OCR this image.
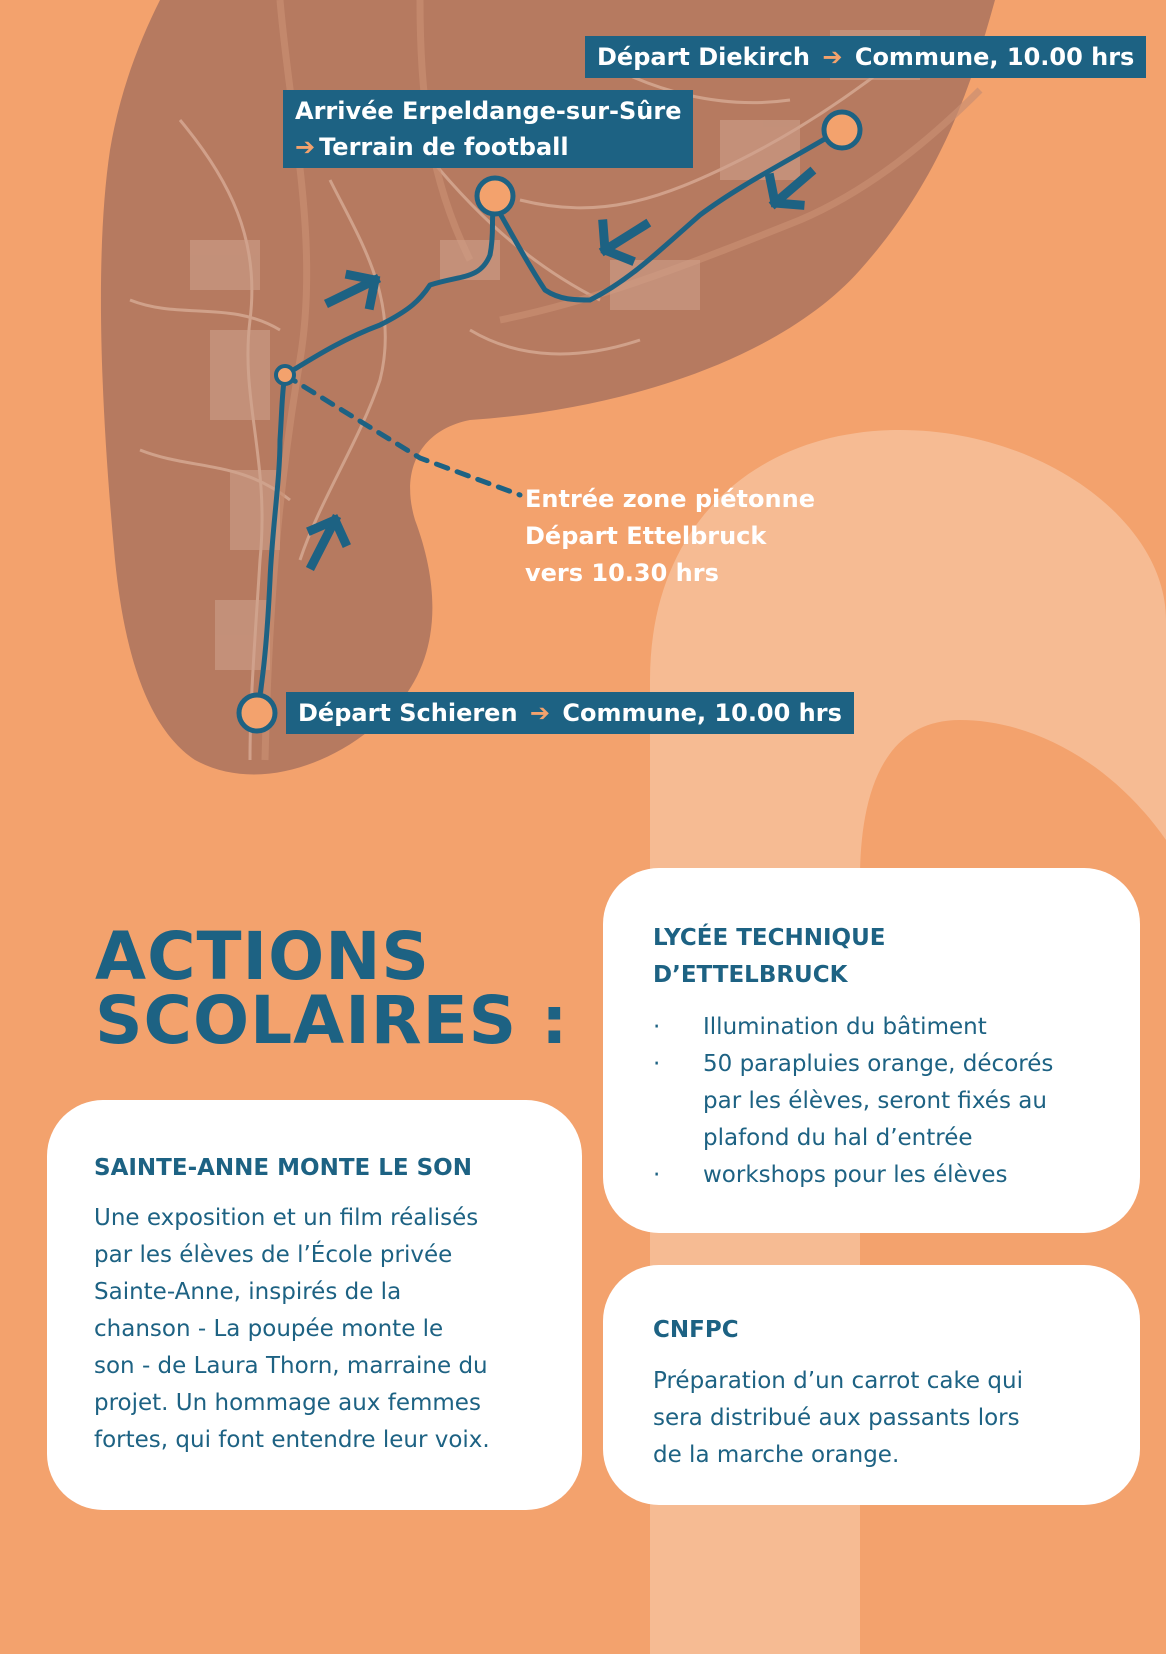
Départ Diekirch ➔ Commune, 10.00 hrs
Arrivée Erpeldange-sur-Sûre
➔ Terrain de football
Entrée zone piétonne
Départ Ettelbruck
vers 10.30 hrs
Départ Schieren ➔ Commune, 10.00 hrs
ACTIONS
SCOLAIRES :
SAINTE-ANNE MONTE LE SON

Une exposition et un film réalisés

par les élèves de l’École privée

Sainte-Anne, inspirés de la

chanson - La poupée monte le

son - de Laura Thorn, marraine du

projet. Un hommage aux femmes

fortes, qui font entendre leur voix.

LYCÉE TECHNIQUE
D’ETTELBRUCK
· Illumination du bâtiment
· 50 parapluies orange, décorés
par les élèves, seront fixés au
plafond du hal d’entrée
· workshops pour les élèves
CNFPC

Préparation d’un carrot cake qui

sera distribué aux passants lors

de la marche orange.
